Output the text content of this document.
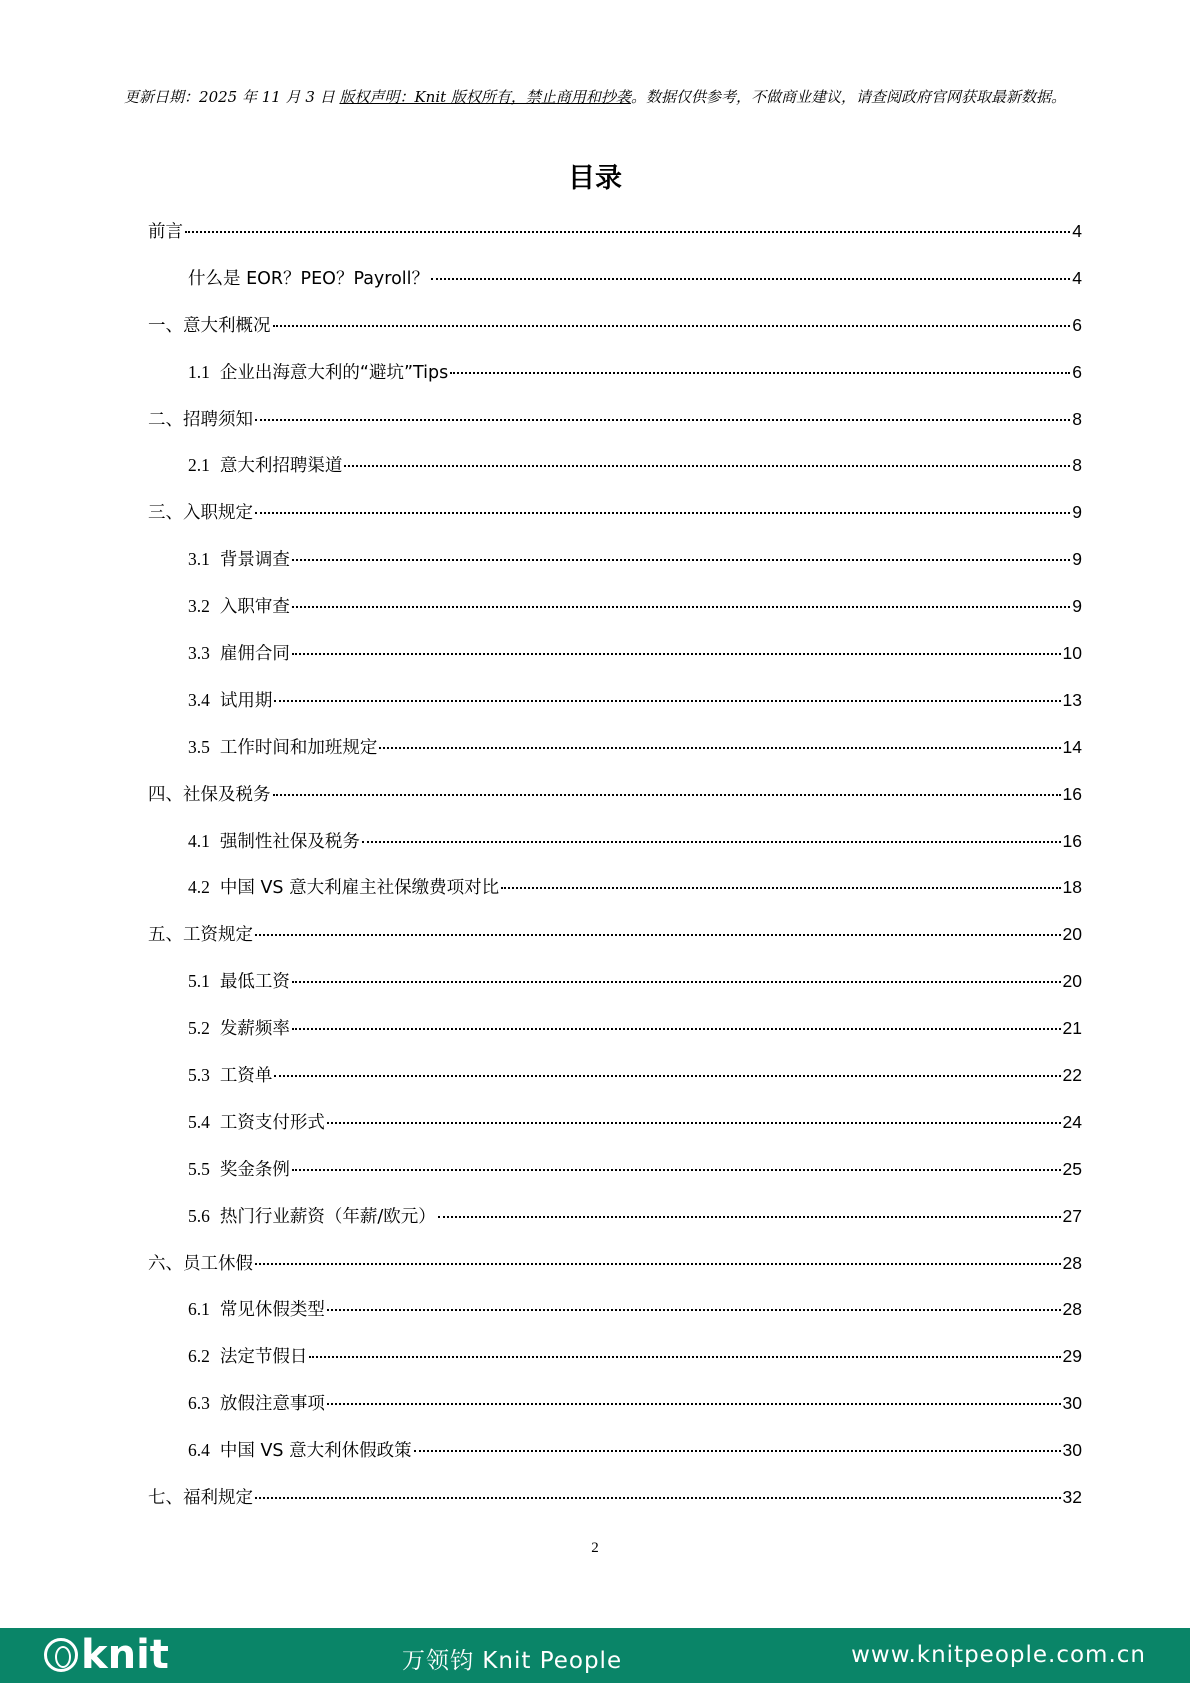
更新日期：2025 年 11 月 3 日 版权声明：Knit 版权所有，禁止商用和抄袭。数据仅供参考，不做商业建议，请查阅政府官网获取最新数据。
目录
前言	4
什么是 EOR？PEO？Payroll？	4
一、意大利概况	6
1.1 企业出海意大利的“避坑”Tips	6
二、招聘须知	8
2.1 意大利招聘渠道	8
三、入职规定	9
3.1 背景调查	9
3.2 入职审查	9
3.3 雇佣合同	10
3.4 试用期	13
3.5 工作时间和加班规定	14
四、社保及税务	16
4.1 强制性社保及税务	16
4.2 中国 VS 意大利雇主社保缴费项对比	18
五、工资规定	20
5.1 最低工资	20
5.2 发薪频率	21
5.3 工资单	22
5.4 工资支付形式	24
5.5 奖金条例	25
5.6 热门行业薪资（年薪/欧元）	27
六、员工休假	28
6.1 常见休假类型	28
6.2 法定节假日	29
6.3 放假注意事项	30
6.4 中国 VS 意大利休假政策	30
七、福利规定	32
2
knit	万领钧 Knit People	www.knitpeople.com.cn
